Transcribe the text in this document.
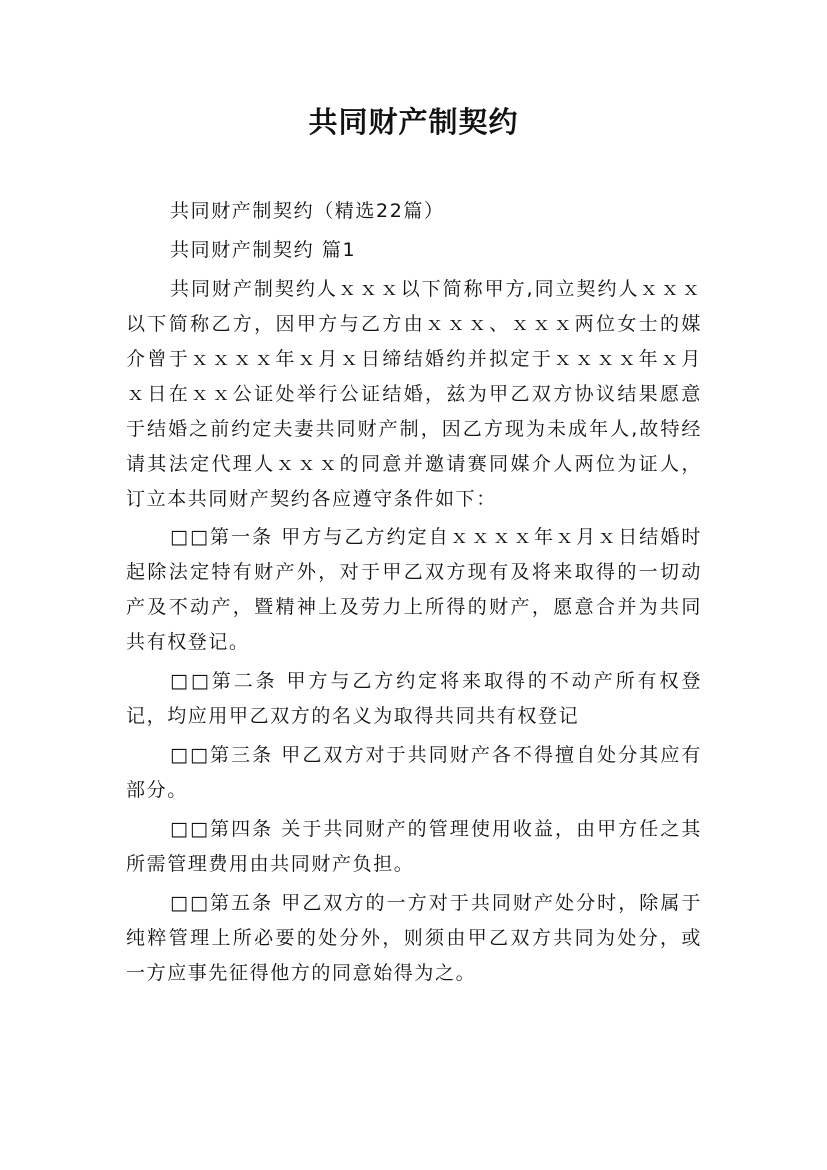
共同财产制契约

共同财产制契约（精选22篇）

共同财产制契约 篇1

共同财产制契约人ｘｘｘ以下简称甲方,同立契约人ｘｘｘ以下简称乙方，因甲方与乙方由ｘｘｘ、ｘｘｘ两位女士的媒介曾于ｘｘｘｘ年ｘ月ｘ日缔结婚约并拟定于ｘｘｘｘ年ｘ月ｘ日在ｘｘ公证处举行公证结婚，兹为甲乙双方协议结果愿意于结婚之前约定夫妻共同财产制，因乙方现为未成年人,故特经请其法定代理人ｘｘｘ的同意并邀请赛同媒介人两位为证人，订立本共同财产契约各应遵守条件如下：

□□第一条 甲方与乙方约定自ｘｘｘｘ年ｘ月ｘ日结婚时起除法定特有财产外，对于甲乙双方现有及将来取得的一切动产及不动产，暨精神上及劳力上所得的财产，愿意合并为共同共有权登记。

□□第二条 甲方与乙方约定将来取得的不动产所有权登记，均应用甲乙双方的名义为取得共同共有权登记

□□第三条 甲乙双方对于共同财产各不得擅自处分其应有部分。

□□第四条 关于共同财产的管理使用收益，由甲方任之其所需管理费用由共同财产负担。

□□第五条 甲乙双方的一方对于共同财产处分时，除属于纯粹管理上所必要的处分外，则须由甲乙双方共同为处分，或一方应事先征得他方的同意始得为之。
